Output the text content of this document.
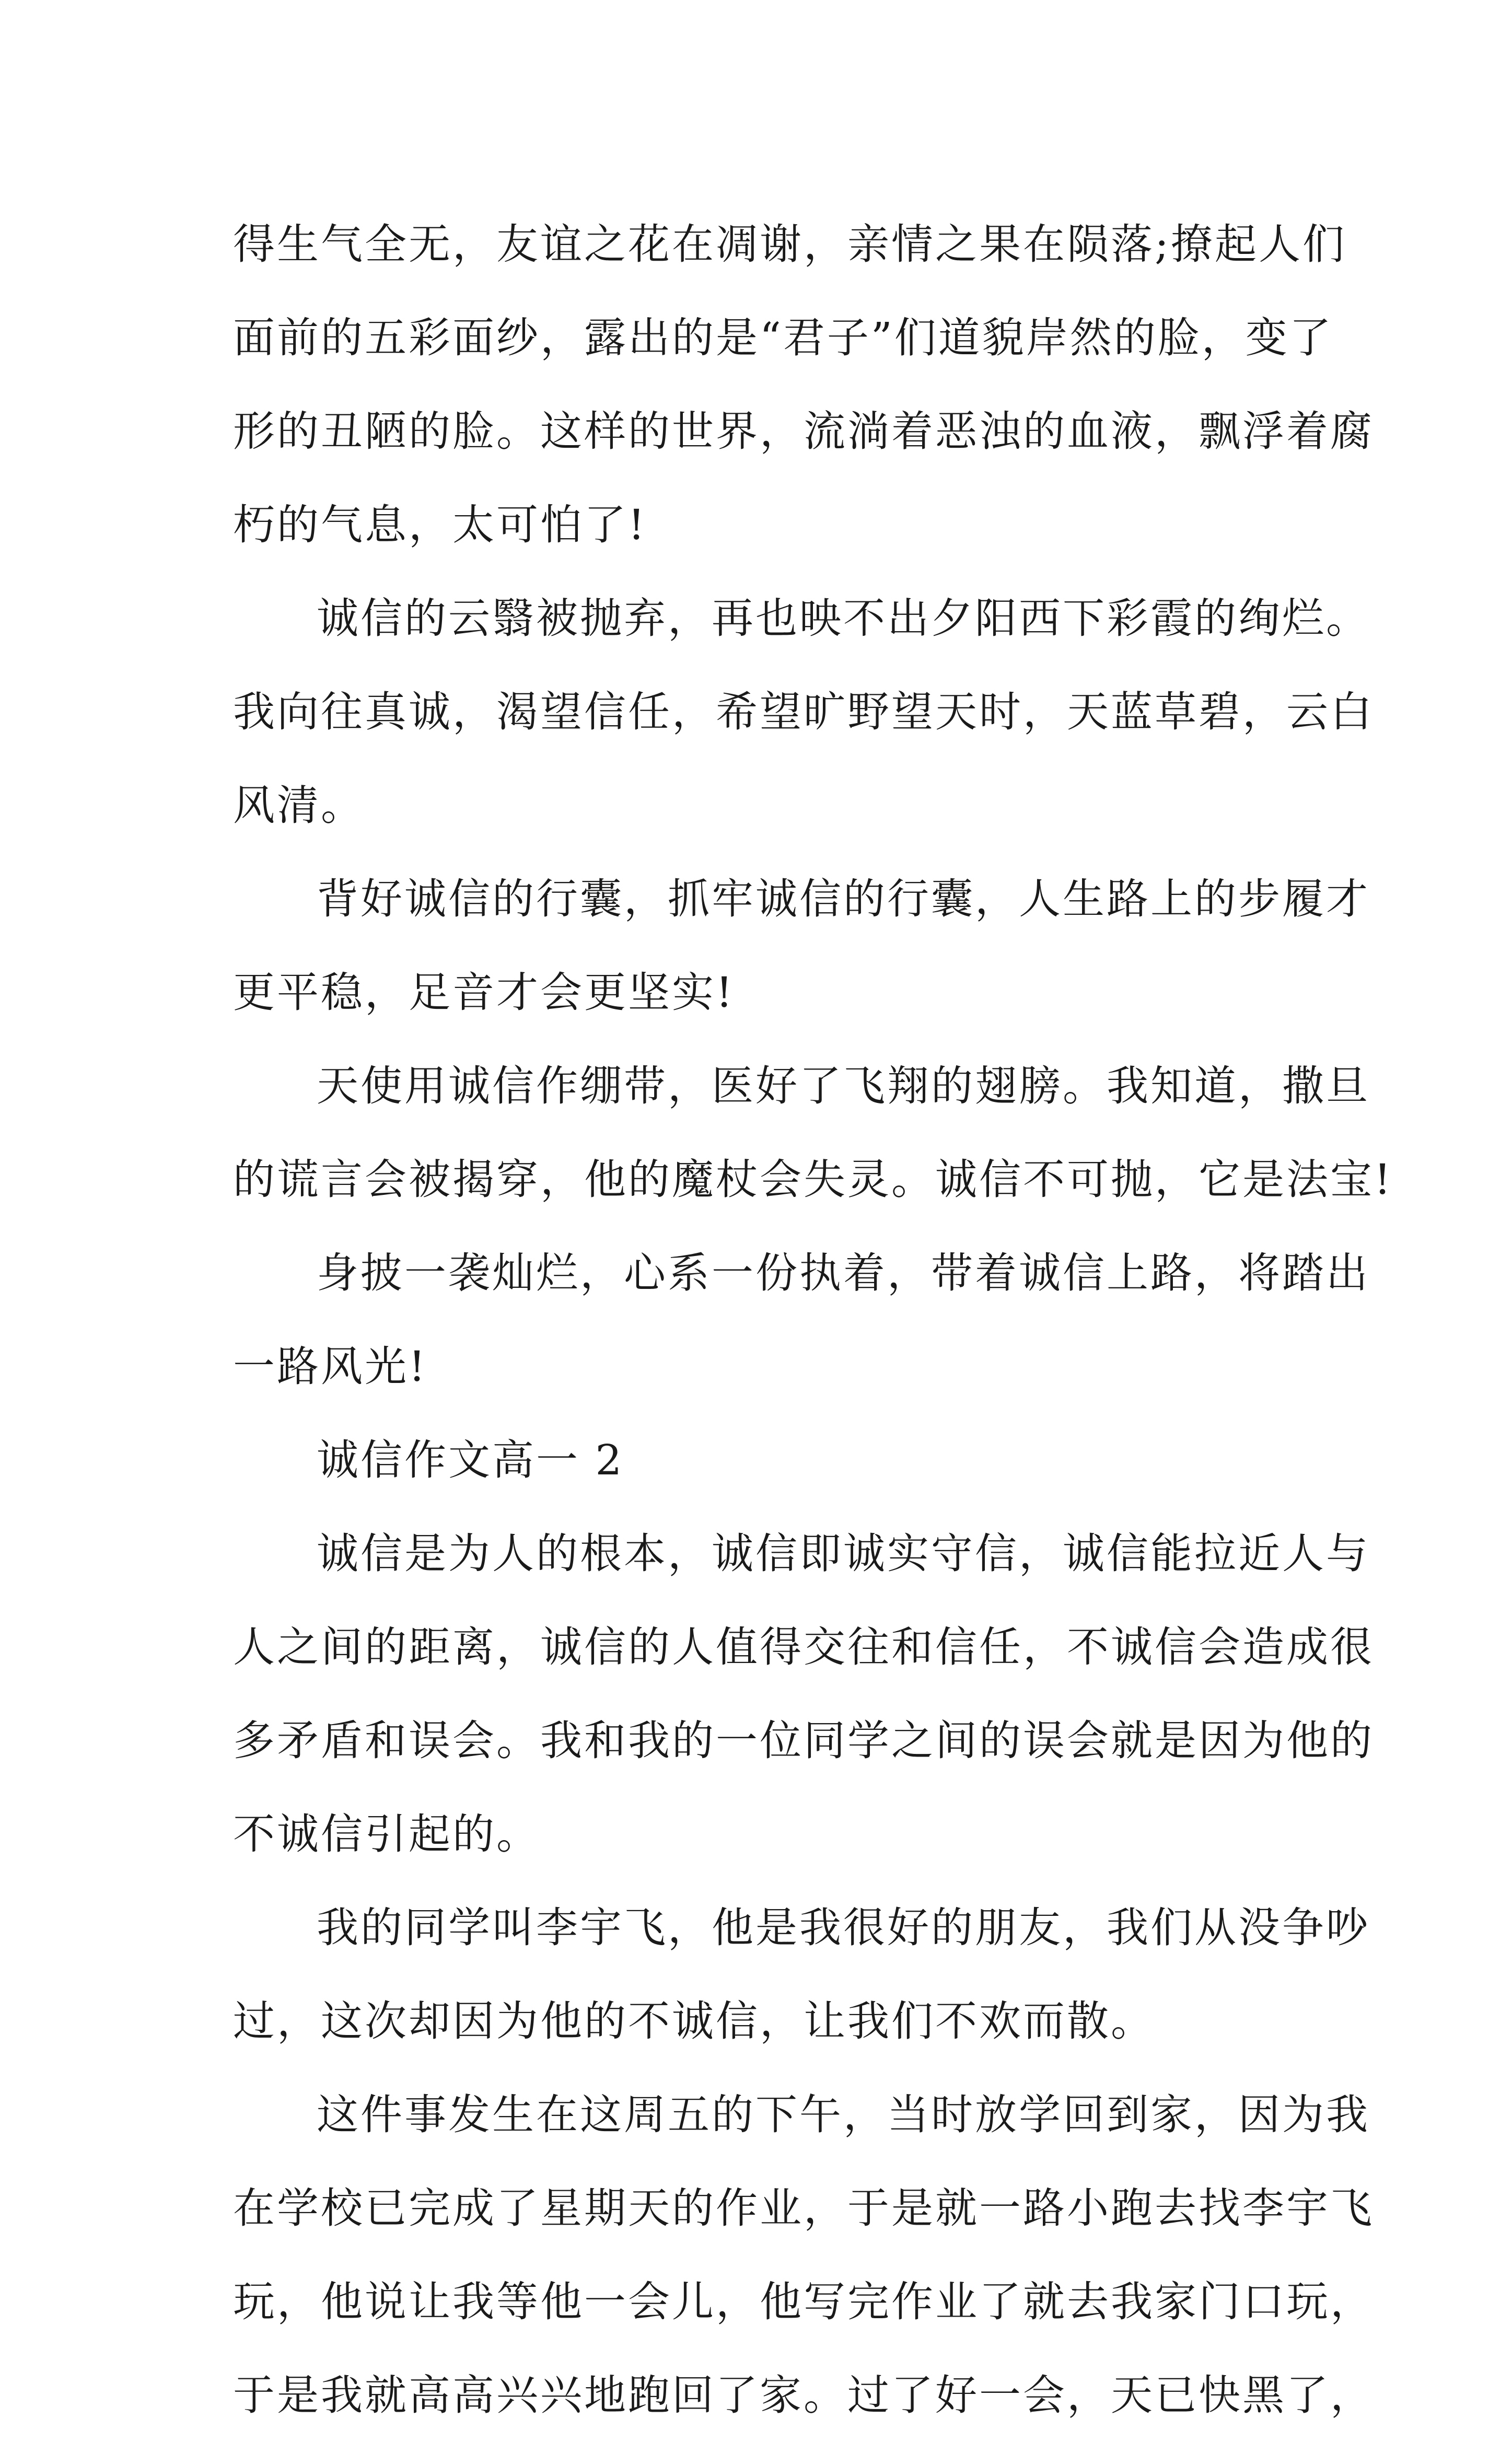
得生气全无，友谊之花在凋谢，亲情之果在陨落;撩起人们
面前的五彩面纱，露出的是“君子”们道貌岸然的脸，变了
形的丑陋的脸。这样的世界，流淌着恶浊的血液，飘浮着腐
朽的气息，太可怕了!
诚信的云翳被抛弃，再也映不出夕阳西下彩霞的绚烂。
我向往真诚，渴望信任，希望旷野望天时，天蓝草碧，云白
风清。
背好诚信的行囊，抓牢诚信的行囊，人生路上的步履才
更平稳，足音才会更坚实!
天使用诚信作绷带，医好了飞翔的翅膀。我知道，撒旦
的谎言会被揭穿，他的魔杖会失灵。诚信不可抛，它是法宝!
身披一袭灿烂，心系一份执着，带着诚信上路，将踏出
一路风光!
诚信作文高一 2
诚信是为人的根本，诚信即诚实守信，诚信能拉近人与
人之间的距离，诚信的人值得交往和信任，不诚信会造成很
多矛盾和误会。我和我的一位同学之间的误会就是因为他的
不诚信引起的。
我的同学叫李宇飞，他是我很好的朋友，我们从没争吵
过，这次却因为他的不诚信，让我们不欢而散。
这件事发生在这周五的下午，当时放学回到家，因为我
在学校已完成了星期天的作业，于是就一路小跑去找李宇飞
玩，他说让我等他一会儿，他写完作业了就去我家门口玩，
于是我就高高兴兴地跑回了家。过了好一会，天已快黑了，
